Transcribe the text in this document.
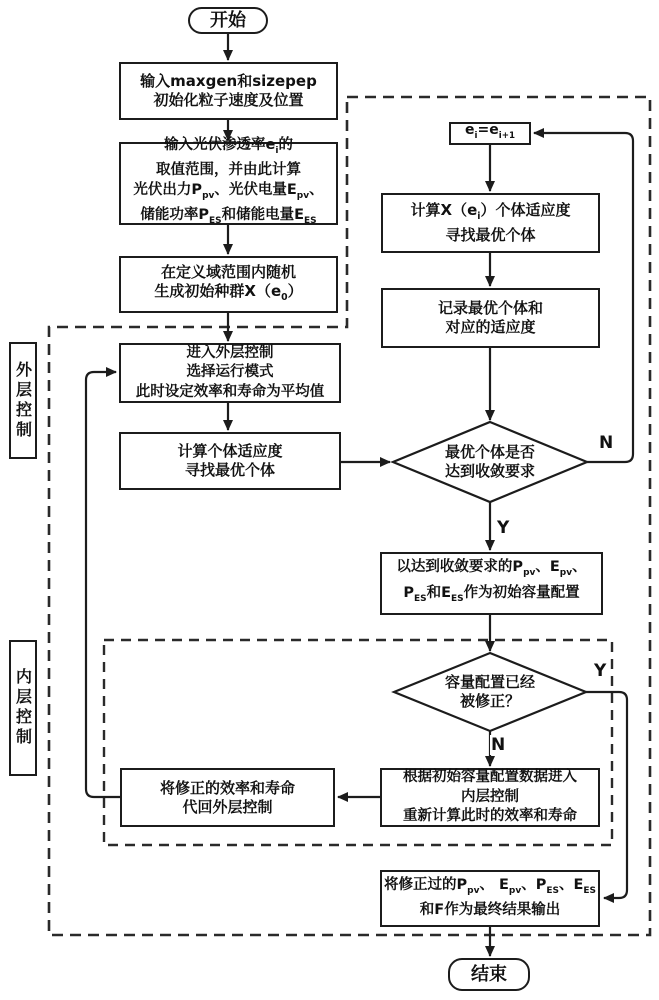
开始
结束
输入maxgen和sizepep
初始化粒子速度及位置
输入光伏渗透率$e_i$的
取值范围，并由此计算
光伏出力$P_{pv}$、光伏电量$E_{pv}$、
储能功率$P_{ES}$和储能电量$E_{ES}$
在定义域范围内随机
生成初始种群$X(e_0)$
进入外层控制
选择运行模式
此时设定效率和寿命为平均值
计算个体适应度
寻找最优个体
$e_i=e_{i+1}$
计算$X(e_i)$个体适应度
寻找最优个体
记录最优个体和
对应的适应度
最优个体是否
达到收敛要求
以达到收敛要求的$P_{pv}$、$E_{pv}$、
$P_{ES}$和$E_{ES}$作为初始容量配置
容量配置已经
被修正？
根据初始容量配置数据进入
内层控制
重新计算此时的效率和寿命
将修正的效率和寿命
代回外层控制
将修正过的$P_{pv}$、 $E_{pv}$、$P_{ES}$、$E_{ES}$
和F作为最终结果输出
外层控制
内层控制
N
Y
Y
N
